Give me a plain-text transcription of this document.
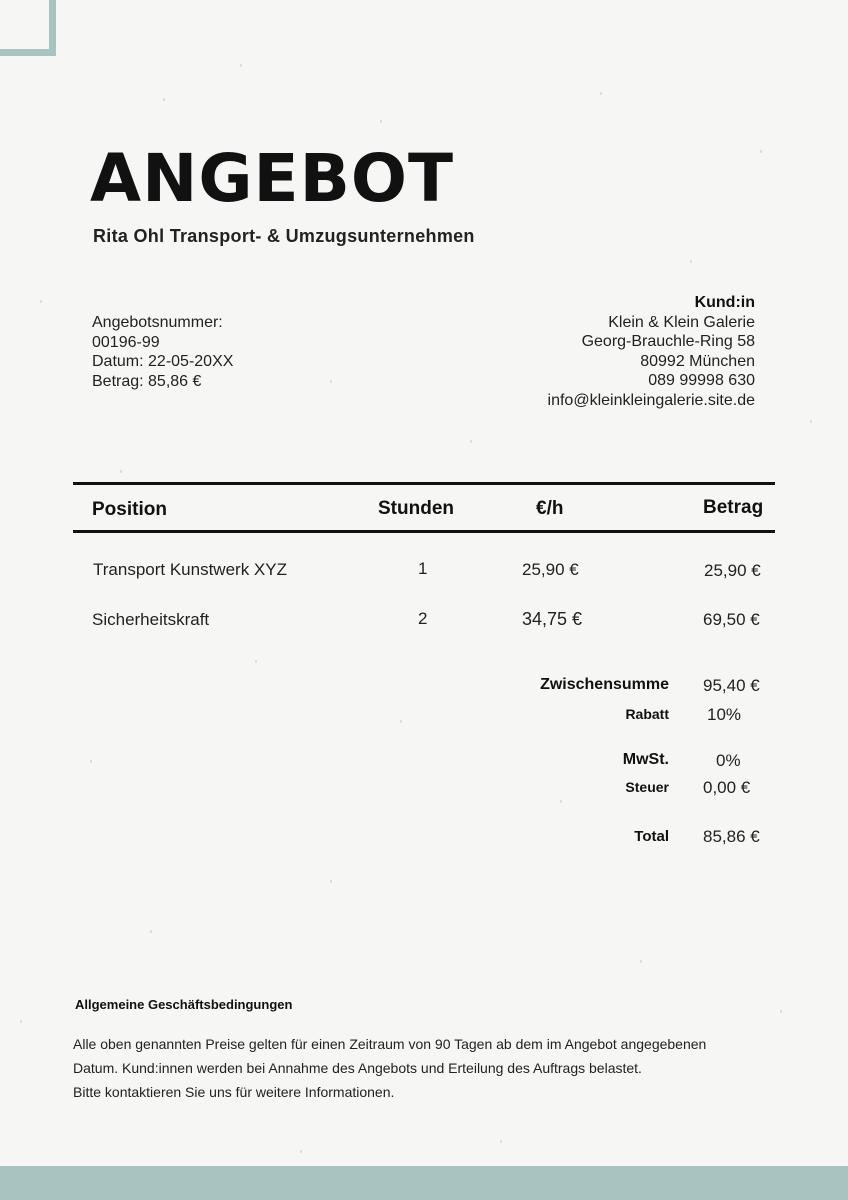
ANGEBOT
Rita Ohl Transport- & Umzugsunternehmen
Angebotsnummer:
00196-99
Datum: 22-05-20XX
Betrag: 85,86 €
Kund:in
Klein & Klein Galerie
Georg-Brauchle-Ring 58
80992 München
089 99998 630
info@kleinkleingalerie.site.de
Position	Stunden	€/h	Betrag
Transport Kunstwerk XYZ	1	25,90 €	25,90 €
Sicherheitskraft	2	34,75 €	69,50 €
Zwischensumme 95,40 €
Rabatt 10%
MwSt.	0%
Steuer 0,00 €
Total 85,86 €
Allgemeine Geschäftsbedingungen

Alle oben genannten Preise gelten für einen Zeitraum von 90 Tagen ab dem im Angebot angegebenen Datum. Kund:innen werden bei Annahme des Angebots und Erteilung des Auftrags belastet.

Bitte kontaktieren Sie uns für weitere Informationen.
